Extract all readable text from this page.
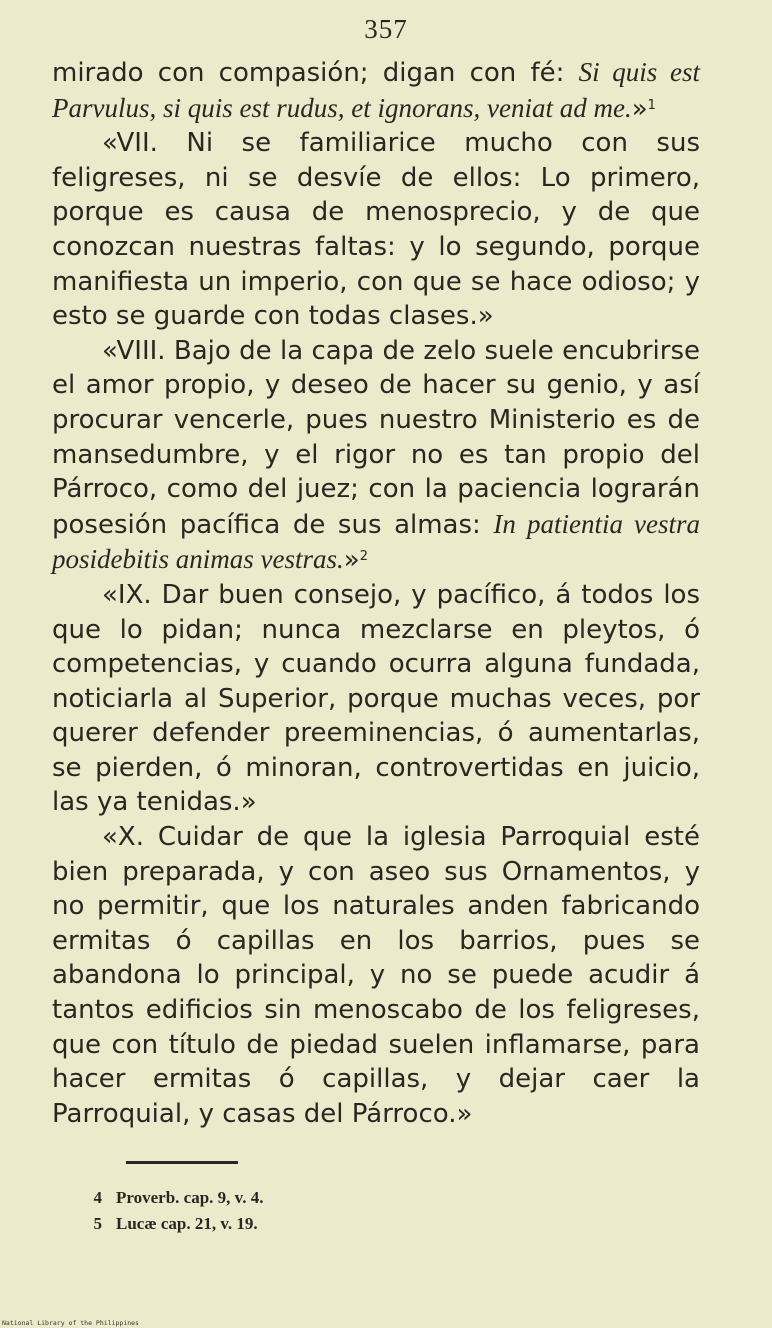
357

mirado con compasión; digan con fé: Si quis est Parvulus, si quis est rudus, et ignorans, veniat ad me.»$^1$

«VII. Ni se familiarice mucho con sus feligreses, ni se desvíe de ellos: Lo primero, porque es causa de menosprecio, y de que conozcan nuestras faltas: y lo segundo, porque manifiesta un imperio, con que se hace odioso; y esto se guarde con todas clases.»

«VIII. Bajo de la capa de zelo suele encubrirse el amor propio, y deseo de hacer su genio, y así procurar vencerle, pues nuestro Ministerio es de mansedumbre, y el rigor no es tan propio del Párroco, como del juez; con la paciencia lograrán posesión pacífica de sus almas: In patientia vestra posidebitis animas vestras.»$^2$

«IX. Dar buen consejo, y pacífico, á todos los que lo pidan; nunca mezclarse en pleytos, ó competencias, y cuando ocurra alguna fundada, noticiarla al Superior, porque muchas veces, por querer defender preeminencias, ó aumentarlas, se pierden, ó minoran, controvertidas en juicio, las ya tenidas.»

«X. Cuidar de que la iglesia Parroquial esté bien preparada, y con aseo sus Ornamentos, y no permitir, que los naturales anden fabricando ermitas ó capillas en los barrios, pues se abandona lo principal, y no se puede acudir á tantos edificios sin menoscabo de los feligreses, que con título de piedad suelen inflamarse, para hacer ermitas ó capillas, y dejar caer la Parroquial, y casas del Párroco.»

4 Proverb. cap. 9, v. 4.
5 Lucæ cap. 21, v. 19.
National Library of the Philippines
